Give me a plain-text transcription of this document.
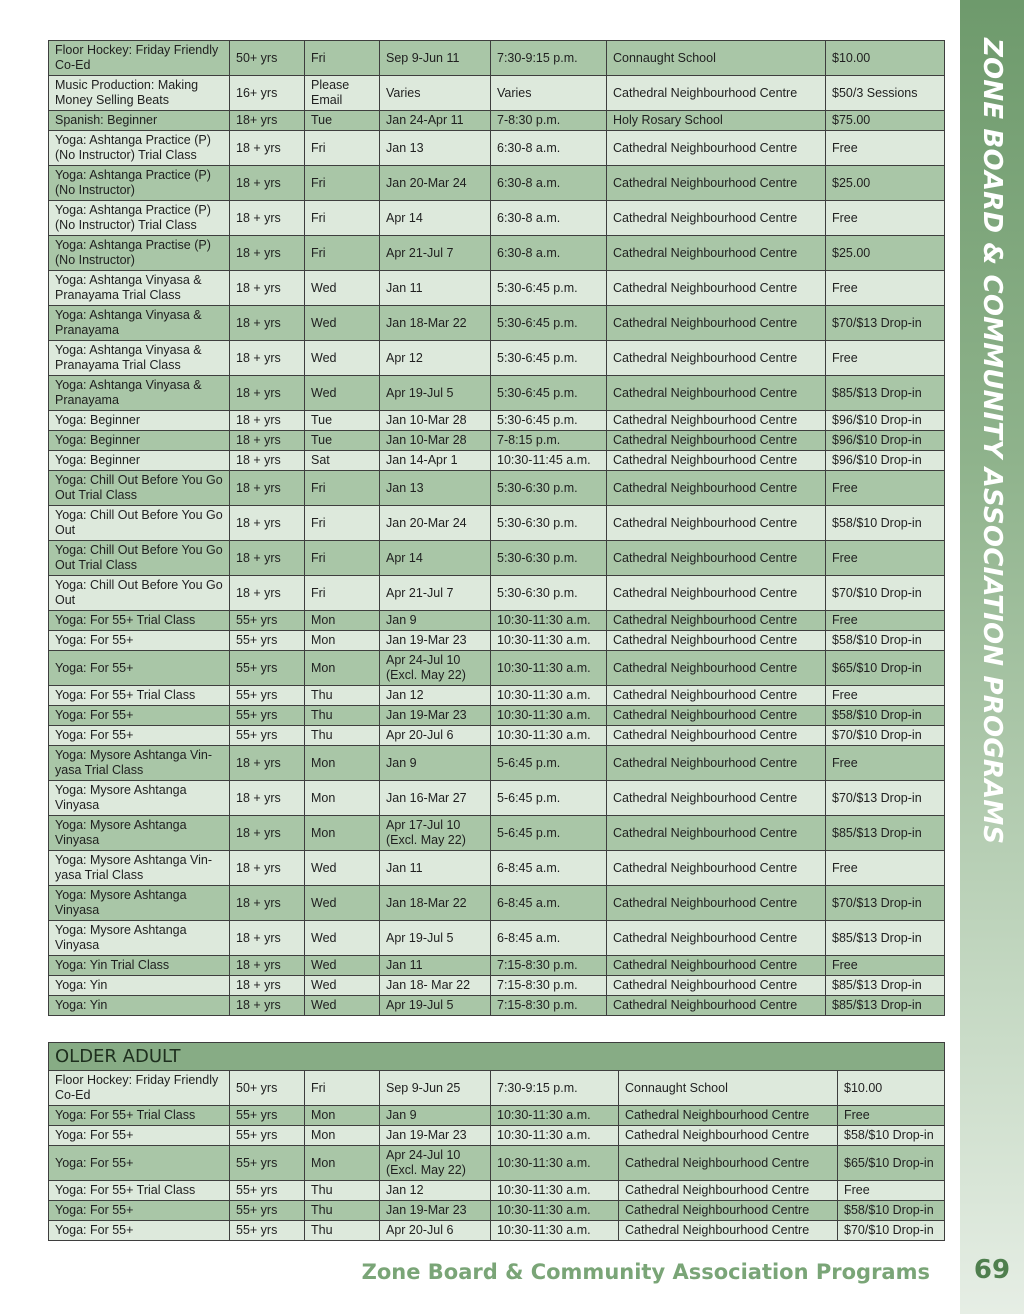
ZONE BOARD & COMMUNITY ASSOCIATION PROGRAMS
Floor Hockey: Friday Friendly Co-Ed	50+ yrs	Fri	Sep 9-Jun 11	7:30-9:15 p.m.	Connaught School	$10.00
Music Production: Making Money Selling Beats	16+ yrs	Please Email	Varies	Varies	Cathedral Neighbourhood Centre	$50/3 Sessions
Spanish: Beginner	18+ yrs	Tue	Jan 24-Apr 11	7-8:30 p.m.	Holy Rosary School	$75.00
Yoga: Ashtanga Practice (P) (No Instructor) Trial Class	18 + yrs	Fri	Jan 13	6:30-8 a.m.	Cathedral Neighbourhood Centre	Free
Yoga: Ashtanga Practice (P) (No Instructor)	18 + yrs	Fri	Jan 20-Mar 24	6:30-8 a.m.	Cathedral Neighbourhood Centre	$25.00
Yoga: Ashtanga Practice (P) (No Instructor) Trial Class	18 + yrs	Fri	Apr 14	6:30-8 a.m.	Cathedral Neighbourhood Centre	Free
Yoga: Ashtanga Practise (P) (No Instructor)	18 + yrs	Fri	Apr 21-Jul 7	6:30-8 a.m.	Cathedral Neighbourhood Centre	$25.00
Yoga: Ashtanga Vinyasa & Pranayama Trial Class	18 + yrs	Wed	Jan 11	5:30-6:45 p.m.	Cathedral Neighbourhood Centre	Free
Yoga: Ashtanga Vinyasa & Pranayama	18 + yrs	Wed	Jan 18-Mar 22	5:30-6:45 p.m.	Cathedral Neighbourhood Centre	$70/$13 Drop-in
Yoga: Ashtanga Vinyasa & Pranayama Trial Class	18 + yrs	Wed	Apr 12	5:30-6:45 p.m.	Cathedral Neighbourhood Centre	Free
Yoga: Ashtanga Vinyasa & Pranayama	18 + yrs	Wed	Apr 19-Jul 5	5:30-6:45 p.m.	Cathedral Neighbourhood Centre	$85/$13 Drop-in
Yoga: Beginner	18 + yrs	Tue	Jan 10-Mar 28	5:30-6:45 p.m.	Cathedral Neighbourhood Centre	$96/$10 Drop-in
Yoga: Beginner	18 + yrs	Tue	Jan 10-Mar 28	7-8:15 p.m.	Cathedral Neighbourhood Centre	$96/$10 Drop-in
Yoga: Beginner	18 + yrs	Sat	Jan 14-Apr 1	10:30-11:45 a.m.	Cathedral Neighbourhood Centre	$96/$10 Drop-in
Yoga: Chill Out Before You Go Out Trial Class	18 + yrs	Fri	Jan 13	5:30-6:30 p.m.	Cathedral Neighbourhood Centre	Free
Yoga: Chill Out Before You Go Out	18 + yrs	Fri	Jan 20-Mar 24	5:30-6:30 p.m.	Cathedral Neighbourhood Centre	$58/$10 Drop-in
Yoga: Chill Out Before You Go Out Trial Class	18 + yrs	Fri	Apr 14	5:30-6:30 p.m.	Cathedral Neighbourhood Centre	Free
Yoga: Chill Out Before You Go Out	18 + yrs	Fri	Apr 21-Jul 7	5:30-6:30 p.m.	Cathedral Neighbourhood Centre	$70/$10 Drop-in
Yoga: For 55+ Trial Class	55+ yrs	Mon	Jan 9	10:30-11:30 a.m.	Cathedral Neighbourhood Centre	Free
Yoga: For 55+	55+ yrs	Mon	Jan 19-Mar 23	10:30-11:30 a.m.	Cathedral Neighbourhood Centre	$58/$10 Drop-in
Yoga: For 55+	55+ yrs	Mon	Apr 24-Jul 10 (Excl. May 22)	10:30-11:30 a.m.	Cathedral Neighbourhood Centre	$65/$10 Drop-in
Yoga: For 55+ Trial Class	55+ yrs	Thu	Jan 12	10:30-11:30 a.m.	Cathedral Neighbourhood Centre	Free
Yoga: For 55+	55+ yrs	Thu	Jan 19-Mar 23	10:30-11:30 a.m.	Cathedral Neighbourhood Centre	$58/$10 Drop-in
Yoga: For 55+	55+ yrs	Thu	Apr 20-Jul 6	10:30-11:30 a.m.	Cathedral Neighbourhood Centre	$70/$10 Drop-in
Yoga: Mysore Ashtanga Vin-yasa Trial Class	18 + yrs	Mon	Jan 9	5-6:45 p.m.	Cathedral Neighbourhood Centre	Free
Yoga: Mysore Ashtanga Vinyasa	18 + yrs	Mon	Jan 16-Mar 27	5-6:45 p.m.	Cathedral Neighbourhood Centre	$70/$13 Drop-in
Yoga: Mysore Ashtanga Vinyasa	18 + yrs	Mon	Apr 17-Jul 10 (Excl. May 22)	5-6:45 p.m.	Cathedral Neighbourhood Centre	$85/$13 Drop-in
Yoga: Mysore Ashtanga Vin-yasa Trial Class	18 + yrs	Wed	Jan 11	6-8:45 a.m.	Cathedral Neighbourhood Centre	Free
Yoga: Mysore Ashtanga Vinyasa	18 + yrs	Wed	Jan 18-Mar 22	6-8:45 a.m.	Cathedral Neighbourhood Centre	$70/$13 Drop-in
Yoga: Mysore Ashtanga Vinyasa	18 + yrs	Wed	Apr 19-Jul 5	6-8:45 a.m.	Cathedral Neighbourhood Centre	$85/$13 Drop-in
Yoga: Yin Trial Class	18 + yrs	Wed	Jan 11	7:15-8:30 p.m.	Cathedral Neighbourhood Centre	Free
Yoga: Yin	18 + yrs	Wed	Jan 18- Mar 22	7:15-8:30 p.m.	Cathedral Neighbourhood Centre	$85/$13 Drop-in
Yoga: Yin	18 + yrs	Wed	Apr 19-Jul 5	7:15-8:30 p.m.	Cathedral Neighbourhood Centre	$85/$13 Drop-in
OLDER ADULT						
Floor Hockey: Friday Friendly Co-Ed	50+ yrs	Fri	Sep 9-Jun 25	7:30-9:15 p.m.	Connaught School	$10.00
Yoga: For 55+ Trial Class	55+ yrs	Mon	Jan 9	10:30-11:30 a.m.	Cathedral Neighbourhood Centre	Free
Yoga: For 55+	55+ yrs	Mon	Jan 19-Mar 23	10:30-11:30 a.m.	Cathedral Neighbourhood Centre	$58/$10 Drop-in
Yoga: For 55+	55+ yrs	Mon	Apr 24-Jul 10 (Excl. May 22)	10:30-11:30 a.m.	Cathedral Neighbourhood Centre	$65/$10 Drop-in
Yoga: For 55+ Trial Class	55+ yrs	Thu	Jan 12	10:30-11:30 a.m.	Cathedral Neighbourhood Centre	Free
Yoga: For 55+	55+ yrs	Thu	Jan 19-Mar 23	10:30-11:30 a.m.	Cathedral Neighbourhood Centre	$58/$10 Drop-in
Yoga: For 55+	55+ yrs	Thu	Apr 20-Jul 6	10:30-11:30 a.m.	Cathedral Neighbourhood Centre	$70/$10 Drop-in
Zone Board & Community Association Programs	69
